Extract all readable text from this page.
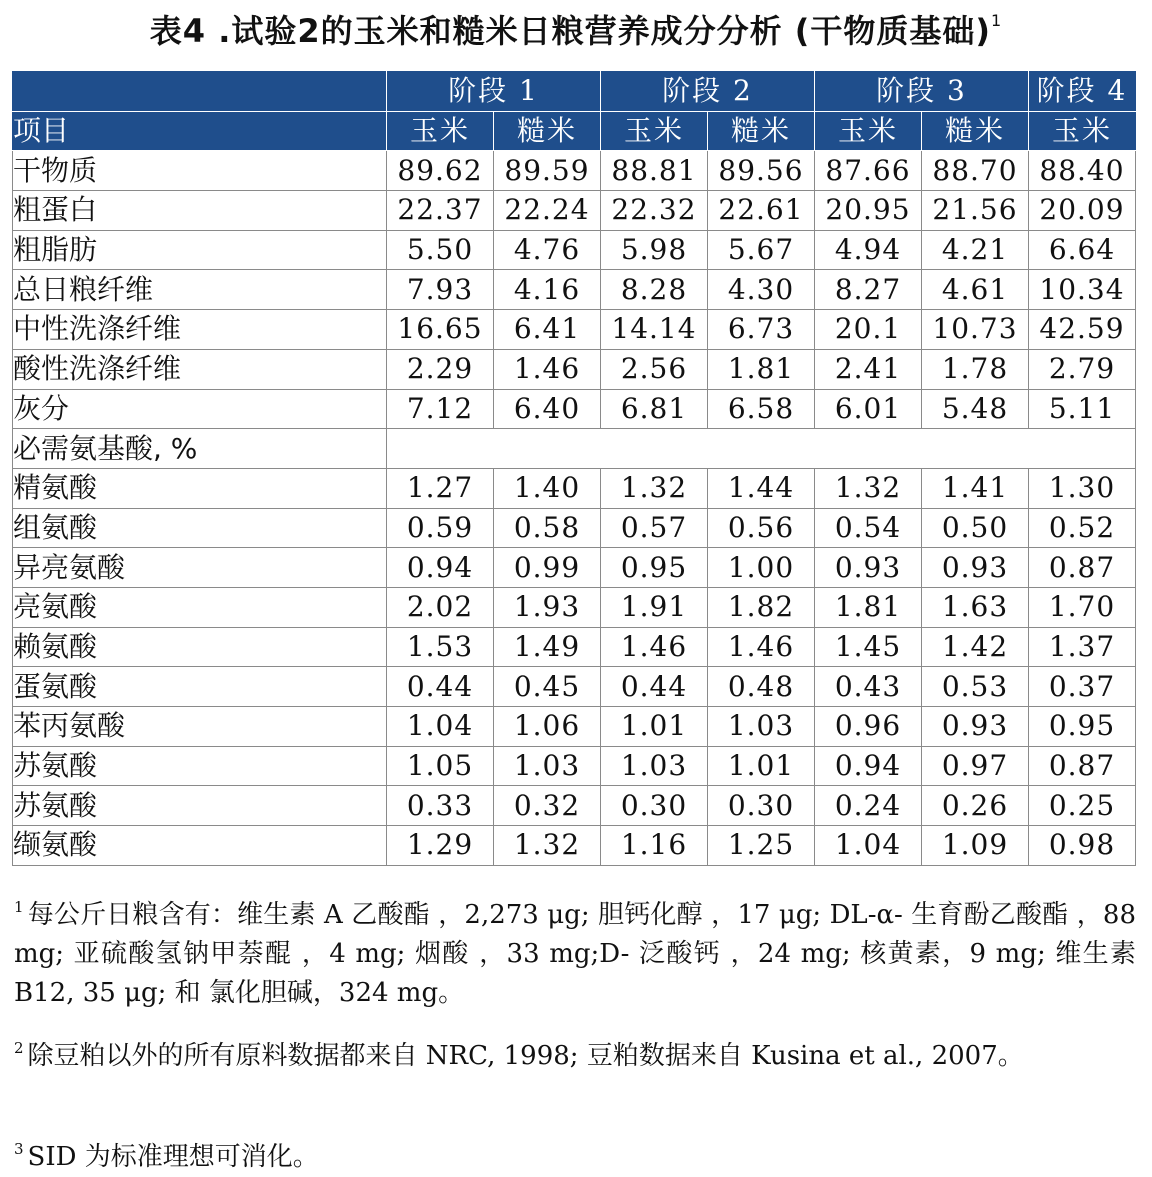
表4 .试验2的玉米和糙米日粮营养成分分析 (干物质基础)$^1$
	阶段 1		阶段 2		阶段 3		阶段 4
项目	玉米	糙米	玉米	糙米	玉米	糙米	玉米
干物质	89.62	89.59	88.81	89.56	87.66	88.70	88.40
粗蛋白	22.37	22.24	22.32	22.61	20.95	21.56	20.09
粗脂肪	5.50	4.76	5.98	5.67	4.94	4.21	6.64
总日粮纤维	7.93	4.16	8.28	4.30	8.27	4.61	10.34
中性洗涤纤维	16.65	6.41	14.14	6.73	20.1	10.73	42.59
酸性洗涤纤维	2.29	1.46	2.56	1.81	2.41	1.78	2.79
灰分	7.12	6.40	6.81	6.58	6.01	5.48	5.11
必需氨基酸, %							
精氨酸	1.27	1.40	1.32	1.44	1.32	1.41	1.30
组氨酸	0.59	0.58	0.57	0.56	0.54	0.50	0.52
异亮氨酸	0.94	0.99	0.95	1.00	0.93	0.93	0.87
亮氨酸	2.02	1.93	1.91	1.82	1.81	1.63	1.70
赖氨酸	1.53	1.49	1.46	1.46	1.45	1.42	1.37
蛋氨酸	0.44	0.45	0.44	0.48	0.43	0.53	0.37
苯丙氨酸	1.04	1.06	1.01	1.03	0.96	0.93	0.95
苏氨酸	1.05	1.03	1.03	1.01	0.94	0.97	0.87
苏氨酸	0.33	0.32	0.30	0.30	0.24	0.26	0.25
缬氨酸	1.29	1.32	1.16	1.25	1.04	1.09	0.98

$^1$ 每公斤日粮含有：维生素 A 乙酸酯 ，2,273 μg; 胆钙化醇 ，17 μg; DL-α- 生育酚乙酸酯 ，88 mg; 亚硫酸氢钠甲萘醌 ，4 mg; 烟酸 ，33 mg;D- 泛酸钙 ，24 mg; 核黄素，9 mg; 维生素 B12, 35 μg; 和 氯化胆碱，324 mg。

$^2$ 除豆粕以外的所有原料数据都来自 NRC, 1998; 豆粕数据来自 Kusina et al., 2007。

$^3$ SID 为标准理想可消化。
